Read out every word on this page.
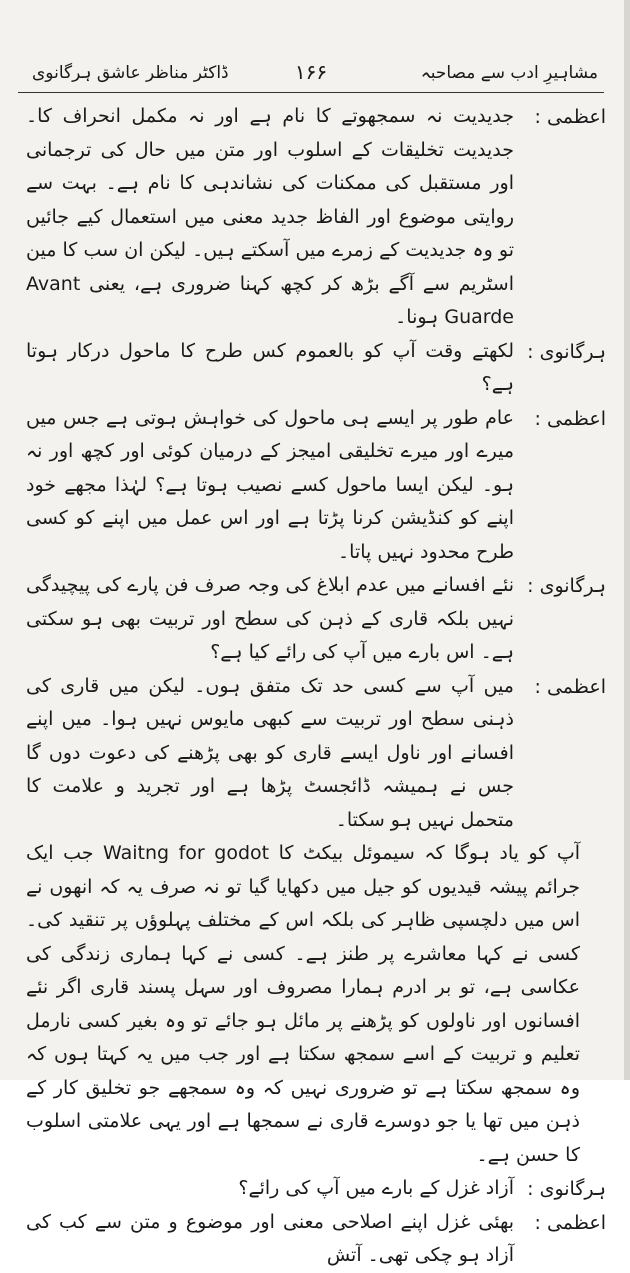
مشاہیرِ ادب سے مصاحبہ
۱۶۶
ڈاکٹر مناظر عاشق ہرگانوی
اعظمی :
جدیدیت نہ سمجھوتے کا نام ہے اور نہ مکمل انحراف کا۔ جدیدیت تخلیقات کے اسلوب اور متن میں حال کی ترجمانی اور مستقبل کی ممکنات کی نشاندہی کا نام ہے۔ بہت سے روایتی موضوع اور الفاظ جدید معنی میں استعمال کیے جائیں تو وہ جدیدیت کے زمرے میں آسکتے ہیں۔ لیکن ان سب کا مین اسٹریم سے آگے بڑھ کر کچھ کہنا ضروری ہے، یعنی Avant Guarde ہونا۔
ہرگانوی :
لکھتے وقت آپ کو بالعموم کس طرح کا ماحول درکار ہوتا ہے؟
اعظمی :
عام طور پر ایسے ہی ماحول کی خواہش ہوتی ہے جس میں میرے اور میرے تخلیقی امیجز کے درمیان کوئی اور کچھ اور نہ ہو۔ لیکن ایسا ماحول کسے نصیب ہوتا ہے؟ لہٰذا مجھے خود اپنے کو کنڈیشن کرنا پڑتا ہے اور اس عمل میں اپنے کو کسی طرح محدود نہیں پاتا۔
ہرگانوی :
نئے افسانے میں عدم ابلاغ کی وجہ صرف فن پارے کی پیچیدگی نہیں بلکہ قاری کے ذہن کی سطح اور تربیت بھی ہو سکتی ہے۔ اس بارے میں آپ کی رائے کیا ہے؟
اعظمی :
میں آپ سے کسی حد تک متفق ہوں۔ لیکن میں قاری کی ذہنی سطح اور تربیت سے کبھی مایوس نہیں ہوا۔ میں اپنے افسانے اور ناول ایسے قاری کو بھی پڑھنے کی دعوت دوں گا جس نے ہمیشہ ڈائجسٹ پڑھا ہے اور تجرید و علامت کا متحمل نہیں ہو سکتا۔
آپ کو یاد ہوگا کہ سیموئل بیکٹ کا Waitng for godot جب ایک جرائم پیشہ قیدیوں کو جیل میں دکھایا گیا تو نہ صرف یہ کہ انھوں نے اس میں دلچسپی ظاہر کی بلکہ اس کے مختلف پہلوؤں پر تنقید کی۔ کسی نے کہا معاشرے پر طنز ہے۔ کسی نے کہا ہماری زندگی کی عکاسی ہے، تو بر ادرم ہمارا مصروف اور سہل پسند قاری اگر نئے افسانوں اور ناولوں کو پڑھنے پر مائل ہو جائے تو وہ بغیر کسی نارمل تعلیم و تربیت کے اسے سمجھ سکتا ہے اور جب میں یہ کہتا ہوں کہ وہ سمجھ سکتا ہے تو ضروری نہیں کہ وہ سمجھے جو تخلیق کار کے ذہن میں تھا یا جو دوسرے قاری نے سمجھا ہے اور یہی علامتی اسلوب کا حسن ہے۔
ہرگانوی :
آزاد غزل کے بارے میں آپ کی رائے؟
اعظمی :
بھئی غزل اپنے اصلاحی معنی اور موضوع و متن سے کب کی آزاد ہو چکی تھی۔ آتش
